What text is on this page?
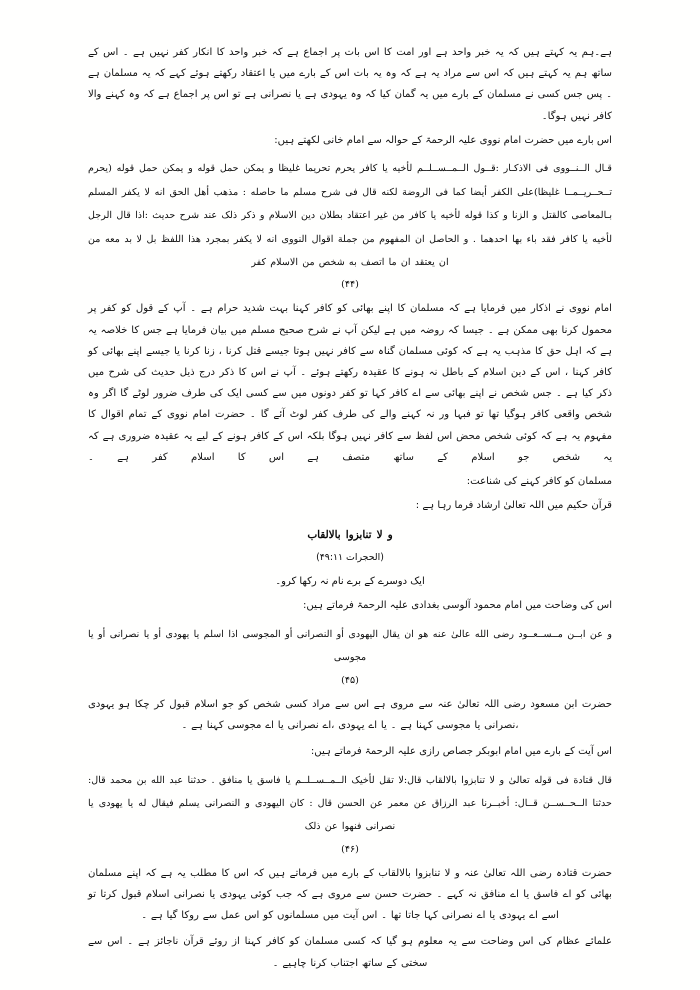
ہے۔ہم یہ کہتے ہیں کہ یہ خبر واحد ہے اور امت کا اس بات پر اجماع ہے کہ خبر واحد کا انکار کفر نہیں ہے ۔ اس کے ساتھ ہم یہ کہتے ہیں کہ اس سے مراد یہ ہے کہ وہ یہ بات اس کے بارے میں یا اعتقاد رکھتے ہوئے کہے کہ یہ مسلمان ہے ۔ پس جس کسی نے مسلمان کے بارے میں یہ گمان کیا کہ وہ یہودی ہے یا نصرانی ہے تو اس پر اجماع ہے کہ وہ کہنے والا کافر نہیں ہوگا۔

اس بارے میں حضرت امام نووی علیہ الرحمۃ کے حوالہ سے امام خانی لکھتے ہیں:

قـال الــنــووی فی الاذکـار :قــول الــمــســلــم لأخيه يا كافر يحرم تحريما غليظا و يمكن حمل قوله و يمكن حمل قوله (يحرم تــحــريــمــا غليظا)على الكفر أيضا كما فی الروضة لكنه قال فی شرح مسلم ما حاصله : مذهب أهل الحق انه لا يكفر المسلم بـالمعاصی كالقتل و الزنا و كذا قوله لأخيه يا كافر من غير اعتقاد بطلان دين الاسلام و ذكر ذلک عند شرح حديث :اذا قال الرجل لأخيه يا كافر فقد باء بها احدهما . و الحاصل ان المفهوم من جملة اقوال النووی انه لا يكفر بمجرد هذا اللفظ بل لا بد معه من ان يعتقد ان ما اتصف به شخص من الاسلام كفر

(۴۴)

امام نووی نے اذکار میں فرمایا ہے کہ مسلمان کا اپنے بھائی کو کافر کہنا بہت شدید حرام ہے ۔ آپ کے قول کو کفر پر محمول کرنا بھی ممکن ہے ۔ جیسا کہ روضہ میں ہے لیکن آپ نے شرح صحیح مسلم میں بیان فرمایا ہے جس کا خلاصہ یہ ہے کہ اہل حق کا مذہب یہ ہے کہ کوئی مسلمان گناہ سے کافر نہیں ہوتا جیسے قتل کرنا ، زنا کرنا یا جیسے اپنے بھائی کو کافر کہنا ، اس کے دین اسلام کے باطل نہ ہونے کا عقیدہ رکھتے ہوئے ۔ آپ نے اس کا ذکر درج ذیل حدیث کی شرح میں ذکر کیا ہے ۔ جس شخص نے اپنے بھائی سے اے کافر کہا تو کفر دونوں میں سے کسی ایک کی طرف ضرور لوٹے گا اگر وہ شخص واقعی کافر ہوگیا تھا تو فبہا ور نہ کہنے والے کی طرف کفر لوٹ آئے گا ۔ حضرت امام نووی کے تمام اقوال کا مفہوم یہ ہے کہ کوئی شخص محض اس لفظ سے کافر نہیں ہوگا بلکہ اس کے کافر ہونے کے لیے یہ عقیدہ ضروری ہے کہ یہ شخص جو اسلام کے ساتھ متصف ہے اس کا اسلام کفر ہے ۔

مسلمان کو کافر کہنے کی شناعت:

قرآن حکیم میں اللہ تعالیٰ ارشاد فرما رہا ہے :

و لا تنابزوا بالالقاب

(الحجرات ۴۹:۱۱)

ایک دوسرے کے برے نام نہ رکھا کرو۔

اس کی وضاحت میں امام محمود آلوسی بغدادی علیہ الرحمۃ فرماتے ہیں:

و عن ابــن مــســعــود رضی الله عالیٰ عنه هو ان يقال اليهودی أو النصرانی أو المجوسی اذا اسلم يا يهودی أو يا نصرانی أو يا مجوسی

(۴۵)

حضرت ابن مسعود رضی اللہ تعالیٰ عنہ سے مروی ہے اس سے مراد کسی شخص کو جو اسلام قبول کر چکا ہو یہودی ،نصرانی یا مجوسی کہنا ہے ۔ یا اے یہودی ،اے نصرانی یا اے مجوسی کہنا ہے ۔

اس آیت کے بارے میں امام ابوبکر جصاص رازی علیہ الرحمۃ فرماتے ہیں:

قال قتادة فی قوله تعالیٰ و لا تنابزوا بالالقاب قال:لا تقل لأخيک الــمــســلــم يا فاسق يا منافق . حدثنا عبد الله بن محمد قال: حدثنا الــحــســن قــال: أخبــرنا عبد الرزاق عن معمر عن الحسن قال : كان اليهودی و النصرانی يسلم فيقال له يا يهودی يا نصرانی فنهوا عن ذلک

(۴۶)

حضرت قتادہ رضی اللہ تعالیٰ عنہ و لا تنابزوا بالالقاب کے بارے میں فرماتے ہیں کہ اس کا مطلب یہ ہے کہ اپنے مسلمان بھائی کو اے فاسق یا اے منافق نہ کہے ۔ حضرت حسن سے مروی ہے کہ جب کوئی یہودی یا نصرانی اسلام قبول کرتا تو اسے اے یہودی یا اے نصرانی کہا جاتا تھا ۔ اس آیت میں مسلمانوں کو اس عمل سے روکا گیا ہے ۔

علمائے عظام کی اس وضاحت سے یہ معلوم ہو گیا کہ کسی مسلمان کو کافر کہنا از روئے قرآن ناجائز ہے ۔ اس سے سختی کے ساتھ اجتناب کرنا چاہیے ۔
